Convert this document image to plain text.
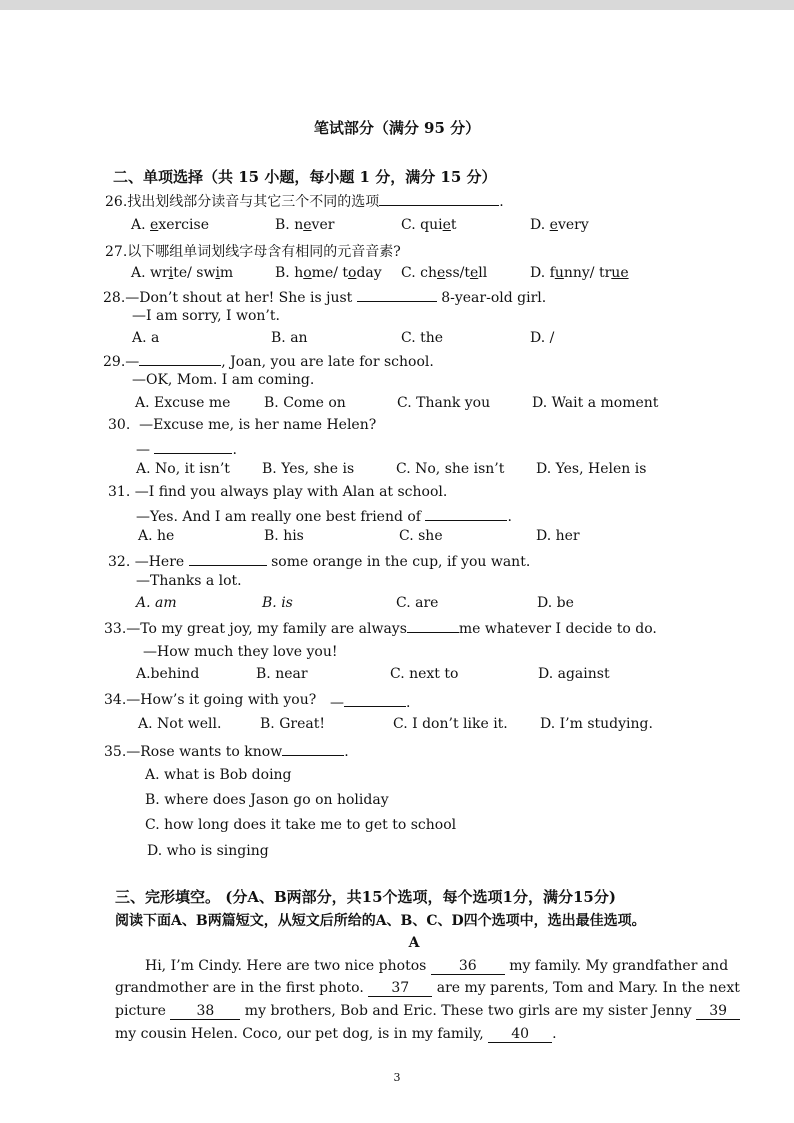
笔试部分（满分 95 分）
二、单项选择（共 15 小题，每小题 1 分，满分 15 分）
26.找出划线部分读音与其它三个不同的选项	.
A. exercise	B. never	C. quiet	D. every
27.以下哪组单词划线字母含有相同的元音音素?
A. write/ swim	B. home/ today C. chess/tell	D. funny/ true
28.—Don’t shout at her! She is just	8-year-old girl.
—I am sorry, I won’t.
A. a	B. an	C. the	D. /
29.—	, Joan, you are late for school.
—OK, Mom. I am coming.
A. Excuse me B. Come on	C. Thank you	D. Wait a moment
30. —Excuse me, is her name Helen?
—	.
A. No, it isn’t B. Yes, she is	C. No, she isn’t D. Yes, Helen is
31. —I find you always play with Alan at school.
—Yes. And I am really one best friend of	.
A. he	B. his	C. she	D. her
32. —Here	some orange in the cup, if you want.
—Thanks a lot.
A. am	B. is	C. are	D. be
33.—To my great joy, my family are always	me whatever I decide to do.
—How much they love you!
A.behind	B. near	C. next to	D. against
34.—How’s it going with you? —	.
A. Not well.	B. Great!	C. I don’t like it. D. I’m studying.
35.—Rose wants to know	.
A. what is Bob doing
B. where does Jason go on holiday
C. how long does it take me to get to school
D. who is singing
三、完形填空。 (分A、B两部分，共15个选项，每个选项1分，满分15分)
阅读下面A、B两篇短文，从短文后所给的A、B、C、D四个选项中，选出最佳选项。
A
Hi, I’m Cindy. Here are two nice photos 36 my family. My grandfather and
grandmother are in the first photo. 37 are my parents, Tom and Mary. In the next
picture 38 my brothers, Bob and Eric. These two girls are my sister Jenny 39
my cousin Helen. Coco, our pet dog, is in my family, 40 .
3
